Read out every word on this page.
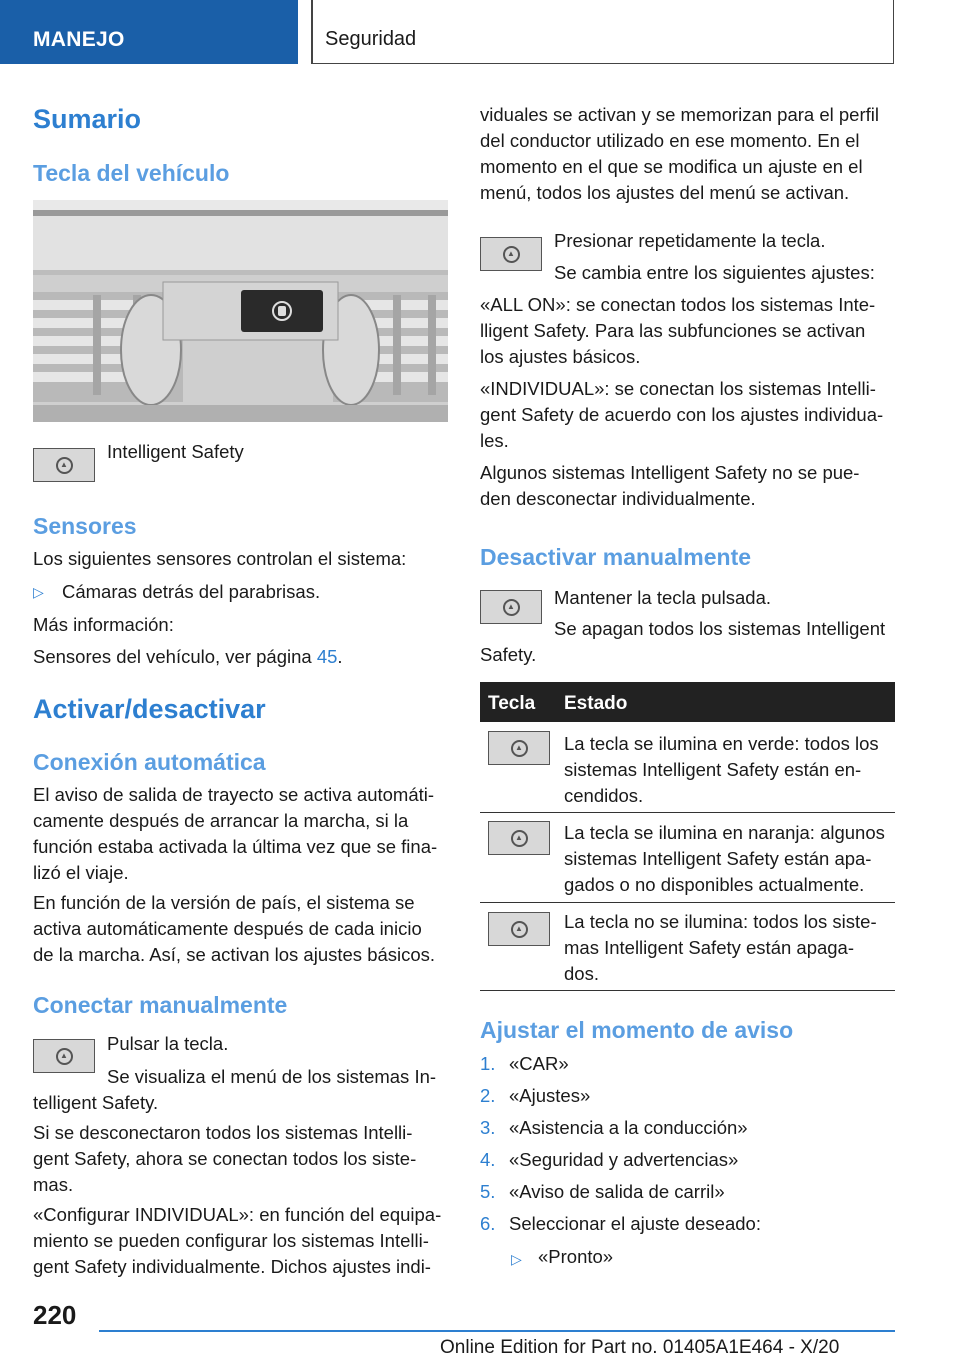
MANEJO	Seguridad
Sumario
Tecla del vehículo
▲

Intelligent Safety

Sensores

Los siguientes sensores controlan el sistema:

▷ Cámaras detrás del parabrisas.

Más información:

Sensores del vehículo, ver página 45.

Activar/desactivar
Conexión automática

El aviso de salida de trayecto se activa automáti‐

camente después de arrancar la marcha, si la

función estaba activada la última vez que se fina‐

lizó el viaje.

En función de la versión de país, el sistema se

activa automáticamente después de cada inicio

de la marcha. Así, se activan los ajustes básicos.

Conectar manualmente
▲

Pulsar la tecla.

Se visualiza el menú de los sistemas In‐

telligent Safety.

Si se desconectaron todos los sistemas Intelli‐

gent Safety, ahora se conectan todos los siste‐

mas.

«Configurar INDIVIDUAL»: en función del equipa‐

miento se pueden configurar los sistemas Intelli‐

gent Safety individualmente. Dichos ajustes indi‐

viduales se activan y se memorizan para el perfil

del conductor utilizado en ese momento. En el

momento en el que se modifica un ajuste en el

menú, todos los ajustes del menú se activan.

▲

Presionar repetidamente la tecla.

Se cambia entre los siguientes ajustes:

«ALL ON»: se conectan todos los sistemas Inte‐

lligent Safety. Para las subfunciones se activan

los ajustes básicos.

«INDIVIDUAL»: se conectan los sistemas Intelli‐

gent Safety de acuerdo con los ajustes individua‐

les.

Algunos sistemas Intelligent Safety no se pue‐

den desconectar individualmente.

Desactivar manualmente
▲ Mantener la tecla pulsada.

Se apagan todos los sistemas Intelligent

Safety.

Tecla Estado
▲ La tecla se ilumina en verde: todos los

sistemas Intelligent Safety están en‐

cendidos.

▲ La tecla se ilumina en naranja: algunos

sistemas Intelligent Safety están apa‐

gados o no disponibles actualmente.

▲ La tecla no se ilumina: todos los siste‐

mas Intelligent Safety están apaga‐

dos.

Ajustar el momento de aviso
1. «CAR»
2. «Ajustes»
3. «Asistencia a la conducción»
4. «Seguridad y advertencias»
5. «Aviso de salida de carril»
6. Seleccionar el ajuste deseado:
▷ «Pronto»
220
Online Edition for Part no. 01405A1E464 - X/20
